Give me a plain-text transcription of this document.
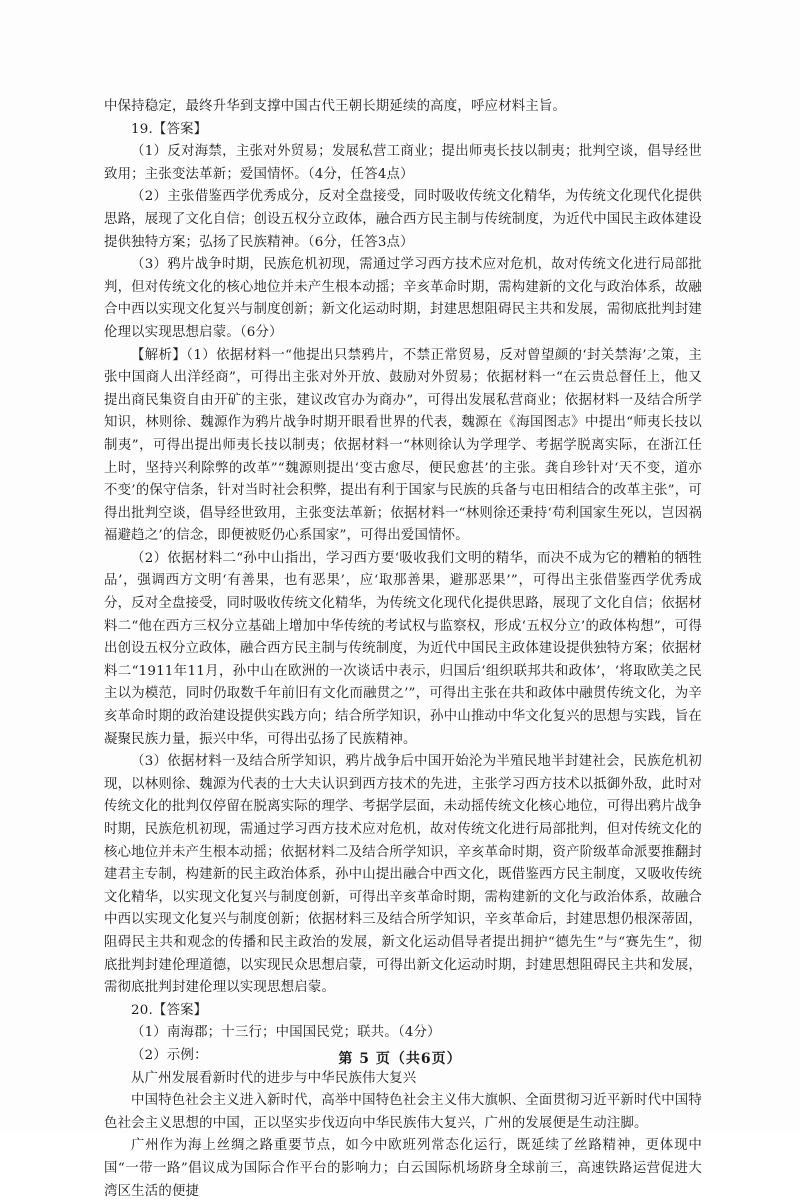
中保持稳定，最终升华到支撑中国古代王朝长期延续的高度，呼应材料主旨。

19.【答案】

（1）反对海禁，主张对外贸易；发展私营工商业；提出师夷长技以制夷；批判空谈，倡导经世致用；主张变法革新；爱国情怀。（4分，任答4点）

（2）主张借鉴西学优秀成分，反对全盘接受，同时吸收传统文化精华，为传统文化现代化提供思路，展现了文化自信；创设五权分立政体，融合西方民主制与传统制度，为近代中国民主政体建设提供独特方案；弘扬了民族精神。（6分，任答3点）

（3）鸦片战争时期，民族危机初现，需通过学习西方技术应对危机，故对传统文化进行局部批判，但对传统文化的核心地位并未产生根本动摇；辛亥革命时期，需构建新的文化与政治体系，故融合中西以实现文化复兴与制度创新；新文化运动时期，封建思想阻碍民主共和发展，需彻底批判封建伦理以实现思想启蒙。（6分）

【解析】（1）依据材料一“他提出只禁鸦片，不禁正常贸易，反对曾望颜的‘封关禁海’之策，主张中国商人出洋经商”，可得出主张对外开放、鼓励对外贸易；依据材料一“在云贵总督任上，他又提出商民集资自由开矿的主张，建议改官办为商办”，可得出发展私营商业；依据材料一及结合所学知识，林则徐、魏源作为鸦片战争时期开眼看世界的代表，魏源在《海国图志》中提出“师夷长技以制夷”，可得出提出师夷长技以制夷；依据材料一“林则徐认为学理学、考据学脱离实际，在浙江任上时，坚持兴利除弊的改革”“魏源则提出‘变古愈尽，便民愈甚’的主张。龚自珍针对‘天不变，道亦不变’的保守信条，针对当时社会积弊，提出有利于国家与民族的兵备与屯田相结合的改革主张”，可得出批判空谈，倡导经世致用，主张变法革新；依据材料一“林则徐还秉持‘苟利国家生死以，岂因祸福避趋之’的信念，即便被贬仍心系国家”，可得出爱国情怀。

（2）依据材料二“孙中山指出，学习西方要‘吸收我们文明的精华，而决不成为它的糟粕的牺牲品’，强调西方文明‘有善果，也有恶果’，应‘取那善果，避那恶果’”，可得出主张借鉴西学优秀成分，反对全盘接受，同时吸收传统文化精华，为传统文化现代化提供思路，展现了文化自信；依据材料二“他在西方三权分立基础上增加中华传统的考试权与监察权，形成‘五权分立’的政体构想”，可得出创设五权分立政体，融合西方民主制与传统制度，为近代中国民主政体建设提供独特方案；依据材料二“1911年11月，孙中山在欧洲的一次谈话中表示，归国后‘组织联邦共和政体’，‘将取欧美之民主以为模范，同时仍取数千年前旧有文化而融贯之’”，可得出主张在共和政体中融贯传统文化，为辛亥革命时期的政治建设提供实践方向；结合所学知识，孙中山推动中华文化复兴的思想与实践，旨在凝聚民族力量，振兴中华，可得出弘扬了民族精神。

（3）依据材料一及结合所学知识，鸦片战争后中国开始沦为半殖民地半封建社会，民族危机初现，以林则徐、魏源为代表的士大夫认识到西方技术的先进，主张学习西方技术以抵御外敌，此时对传统文化的批判仅停留在脱离实际的理学、考据学层面，未动摇传统文化核心地位，可得出鸦片战争时期，民族危机初现，需通过学习西方技术应对危机，故对传统文化进行局部批判，但对传统文化的核心地位并未产生根本动摇；依据材料二及结合所学知识，辛亥革命时期，资产阶级革命派要推翻封建君主专制，构建新的民主政治体系，孙中山提出融合中西文化，既借鉴西方民主制度，又吸收传统文化精华，以实现文化复兴与制度创新，可得出辛亥革命时期，需构建新的文化与政治体系，故融合中西以实现文化复兴与制度创新；依据材料三及结合所学知识，辛亥革命后，封建思想仍根深蒂固，阻碍民主共和观念的传播和民主政治的发展，新文化运动倡导者提出拥护“德先生”与“赛先生”，彻底批判封建伦理道德，以实现民众思想启蒙，可得出新文化运动时期，封建思想阻碍民主共和发展，需彻底批判封建伦理以实现思想启蒙。

20.【答案】

（1）南海郡；十三行；中国国民党；联共。（4分）

（2）示例：

从广州发展看新时代的进步与中华民族伟大复兴

中国特色社会主义进入新时代，高举中国特色社会主义伟大旗帜、全面贯彻习近平新时代中国特色社会主义思想的中国，正以坚实步伐迈向中华民族伟大复兴，广州的发展便是生动注脚。

广州作为海上丝绸之路重要节点，如今中欧班列常态化运行，既延续了丝路精神，更体现中国“一带一路”倡议成为国际合作平台的影响力；白云国际机场跻身全球前三，高速铁路运营促进大湾区生活的便捷

第 5 页（共6页）
